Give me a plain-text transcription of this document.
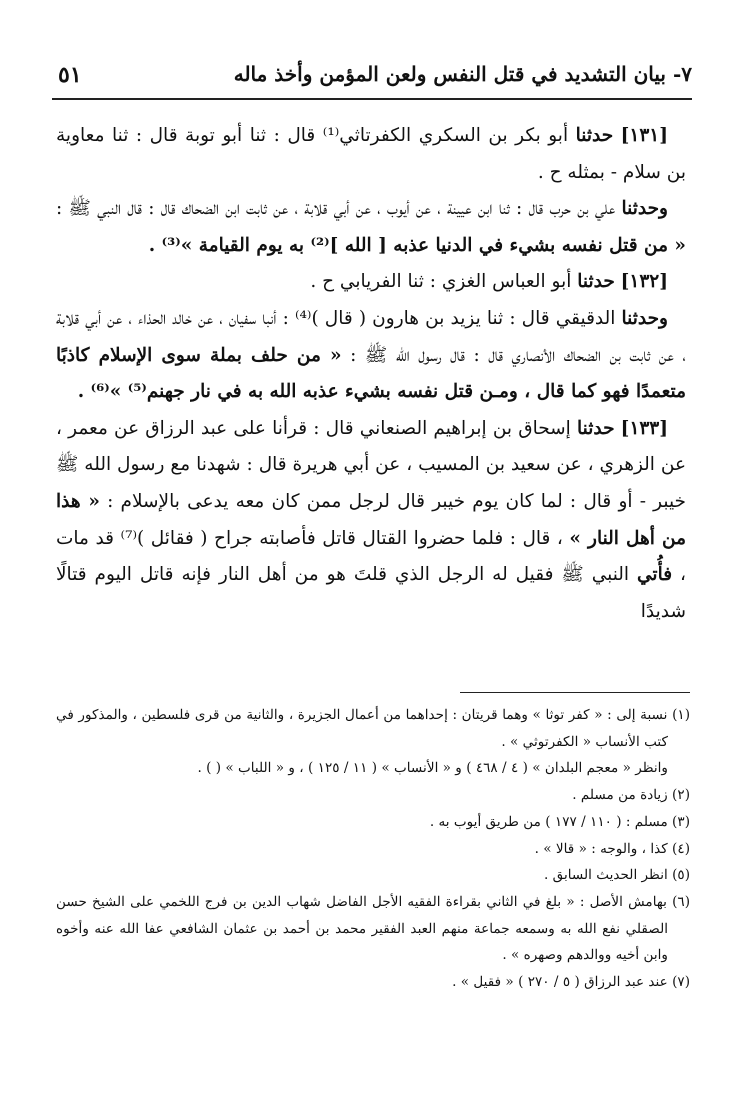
٧- بيان التشديد في قتل النفس ولعن المؤمن وأخذ ماله
٥١

[١٣١] حدثنا أبو بكر بن السكري الكفرتاثي⁽¹⁾ قال : ثنا أبو توبة قال : ثنا معاوية بن سلام - بمثله ح .

وحدثنا علي بن حرب قال : ثنا ابن عيينة ، عن أيوب ، عن أبي قلابة ، عن ثابت ابن الضحاك قال : قال النبي ﷺ : « من قتل نفسه بشيء في الدنيا عذبه [ الله ]⁽²⁾ به يوم القيامة »⁽³⁾ .

[١٣٢] حدثنا أبو العباس الغزي : ثنا الفريابي ح .

وحدثنا الدقيقي قال : ثنا يزيد بن هارون ( قال )⁽⁴⁾ : أنبا سفيان ، عن خالد الحذاء ، عن أبي قلابة ، عن ثابت بن الضحاك الأنصاري قال : قال رسول الله ﷺ : « من حلف بملة سوى الإسلام كاذبًا متعمدًا فهو كما قال ، ومـن قتل نفسه بشيء عذبه الله به في نار جهنم⁽⁵⁾ »⁽⁶⁾ .

[١٣٣] حدثنا إسحاق بن إبراهيم الصنعاني قال : قرأنا على عبد الرزاق عن معمر ، عن الزهري ، عن سعيد بن المسيب ، عن أبي هريرة قال : شهدنا مع رسول الله ﷺ خيبر - أو قال : لما كان يوم خيبر قال لرجل ممن كان معه يدعى بالإسلام : « هذا من أهل النار » ، قال : فلما حضروا القتال قاتل فأصابته جراح ( فقائل )⁽⁷⁾ قد مات ، فأُتي النبي ﷺ فقيل له الرجل الذي قلتَ هو من أهل النار فإنه قاتل اليوم قتالًا شديدًا

(١) نسبة إلى : « كفر توثا » وهما قريتان : إحداهما من أعمال الجزيرة ، والثانية من قرى فلسطين ، والمذكور في كتب الأنساب « الكفرتوثي » .

وانظر « معجم البلدان » ( ٤ / ٤٦٨ ) و « الأنساب » ( ١١ / ١٢٥ ) ، و « اللباب » ( ) .

(٢) زيادة من مسلم .

(٣) مسلم : ( ١١٠ / ١٧٧ ) من طريق أيوب به .

(٤) كذا ، والوجه : « قالا » .

(٥) انظر الحديث السابق .

(٦) بهامش الأصل : « بلغ في الثاني بقراءة الفقيه الأجل الفاضل شهاب الدين بن فرج اللخمي على الشيخ حسن الصقلي نفع الله به وسمعه جماعة منهم العبد الفقير محمد بن أحمد بن عثمان الشافعي عفا الله عنه وأخوه وابن أخيه ووالدهم وصهره » .

(٧) عند عبد الرزاق ( ٥ / ٢٧٠ ) « فقيل » .
